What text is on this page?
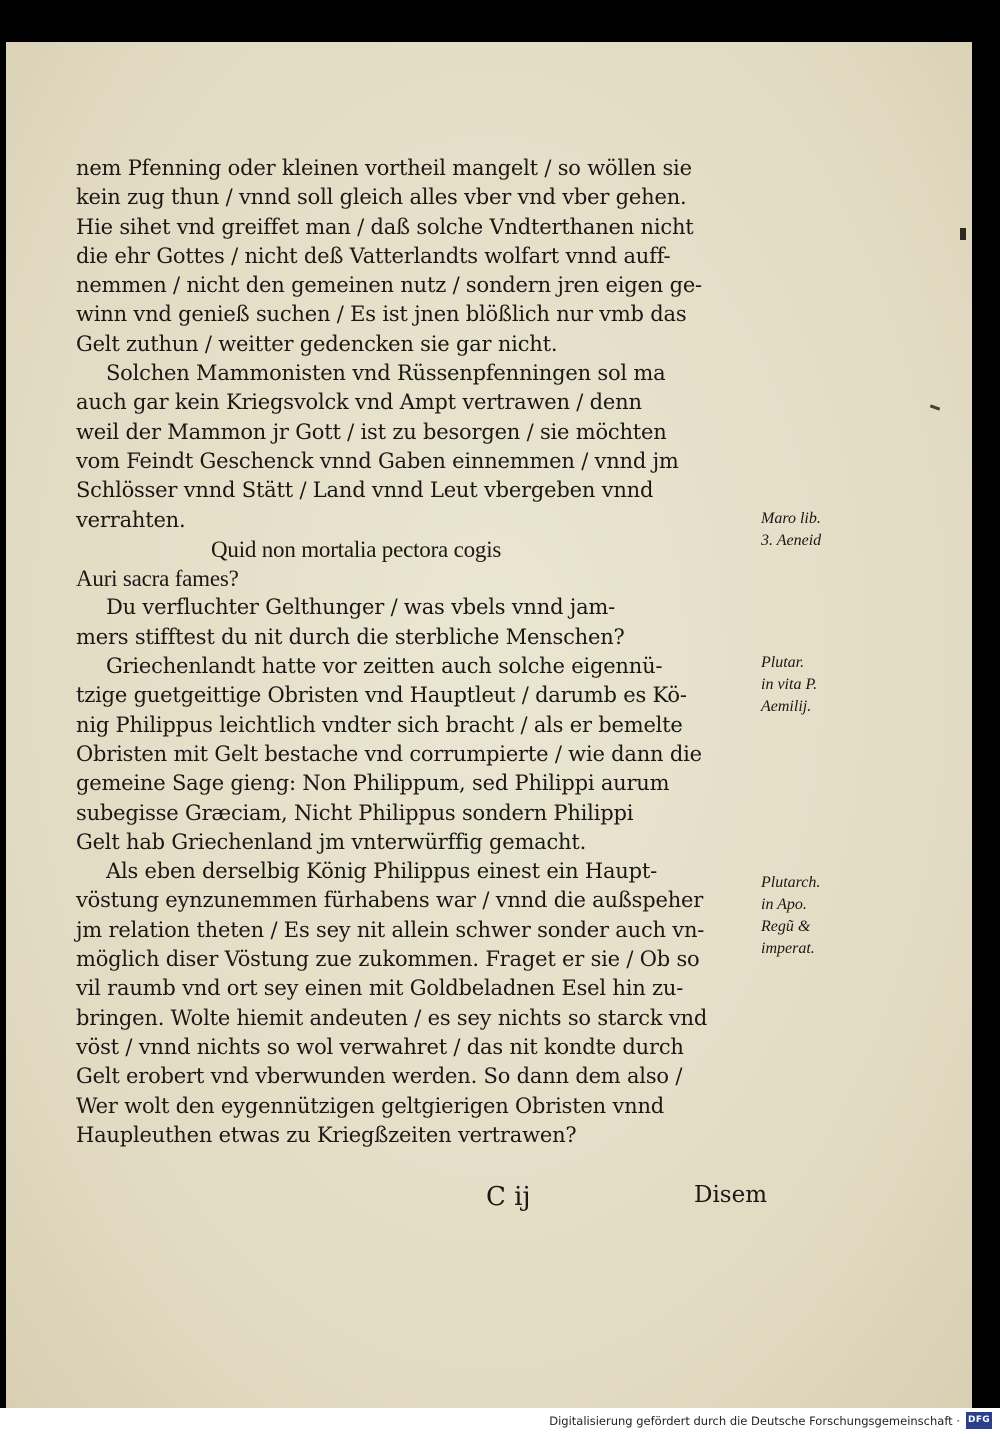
nem Pfenning oder kleinen vortheil mangelt / so wöllen sie
kein zug thun / vnnd soll gleich alles vber vnd vber gehen.
Hie sihet vnd greiffet man / daß solche Vndterthanen nicht
die ehr Gottes / nicht deß Vatterlandts wolfart vnnd auff-
nemmen / nicht den gemeinen nutz / sondern jren eigen ge-
winn vnd genieß suchen / Es ist jnen blößlich nur vmb das
Gelt zuthun / weitter gedencken sie gar nicht.
Solchen Mammonisten vnd Rüssenpfenningen sol ma
auch gar kein Kriegsvolck vnd Ampt vertrawen / denn
weil der Mammon jr Gott / ist zu besorgen / sie möchten
vom Feindt Geschenck vnnd Gaben einnemmen / vnnd jm
Schlösser vnnd Stätt / Land vnnd Leut vbergeben vnnd
verrahten.
Quid non mortalia pectora cogis
Auri sacra fames?
Du verfluchter Gelthunger / was vbels vnnd jam-
mers stifftest du nit durch die sterbliche Menschen?
Griechenlandt hatte vor zeitten auch solche eigennü-
tzige guetgeittige Obristen vnd Hauptleut / darumb es Kö-
nig Philippus leichtlich vndter sich bracht / als er bemelte
Obristen mit Gelt bestache vnd corrumpierte / wie dann die
gemeine Sage gieng: Non Philippum, sed Philippi aurum
subegisse Græciam, Nicht Philippus sondern Philippi
Gelt hab Griechenland jm vnterwürffig gemacht.
Als eben derselbig König Philippus einest ein Haupt-
vöstung eynzunemmen fürhabens war / vnnd die außspeher
jm relation theten / Es sey nit allein schwer sonder auch vn-
möglich diser Vöstung zue zukommen. Fraget er sie / Ob so
vil raumb vnd ort sey einen mit Goldbeladnen Esel hin zu-
bringen. Wolte hiemit andeuten / es sey nichts so starck vnd
vöst / vnnd nichts so wol verwahret / das nit kondte durch
Gelt erobert vnd vberwunden werden. So dann dem also /
Wer wolt den eygennützigen geltgierigen Obristen vnnd
Haupleuthen etwas zu Kriegßzeiten vertrawen?
Maro lib.
3. Aeneid
Plutar.
in vita P.
Aemilij.
Plutarch.
in Apo.
Regũ &
imperat.
C ij	Disem
Digitalisierung gefördert durch die Deutsche Forschungsgemeinschaft · DFG
